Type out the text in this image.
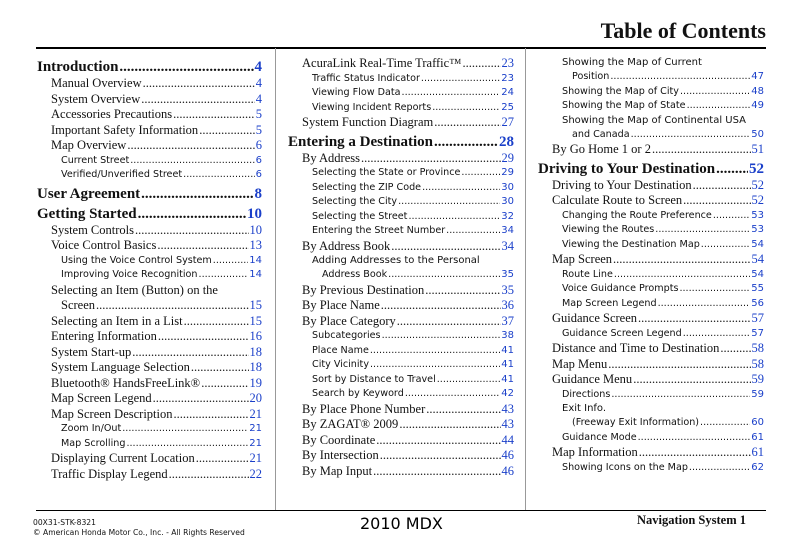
Table of Contents
Introduction .....	4
Manual Overview .....	4
System Overview .....	4
Accessories Precautions .....	5
Important Safety Information .....	5
Map Overview .....	6
Current Street .....	6
Verified/Unverified Street .....	6
User Agreement .....	8
Getting Started .....	10
System Controls .....	10
Voice Control Basics .....	13
Using the Voice Control System .....	14
Improving Voice Recognition .....	14
Selecting an Item (Button) on the
Screen .....	15
Selecting an Item in a List .....	15
Entering Information .....	16
System Start-up .....	18
System Language Selection .....	18
Bluetooth® HandsFreeLink® .....	19
Map Screen Legend .....	20
Map Screen Description .....	21
Zoom In/Out .....	21
Map Scrolling .....	21
Displaying Current Location .....	21
Traffic Display Legend .....	22
AcuraLink Real-Time Traffic™ .....	23
Traffic Status Indicator .....	23
Viewing Flow Data .....	24
Viewing Incident Reports .....	25
System Function Diagram .....	27
Entering a Destination .....	28
By Address .....	29
Selecting the State or Province .....	29
Selecting the ZIP Code .....	30
Selecting the City .....	30
Selecting the Street .....	32
Entering the Street Number .....	34
By Address Book .....	34
Adding Addresses to the Personal
Address Book .....	35
By Previous Destination .....	35
By Place Name .....	36
By Place Category .....	37
Subcategories .....	38
Place Name .....	41
City Vicinity .....	41
Sort by Distance to Travel .....	41
Search by Keyword .....	42
By Place Phone Number .....	43
By ZAGAT® 2009 .....	43
By Coordinate .....	44
By Intersection .....	46
By Map Input .....	46
Showing the Map of Current
Position .....	47
Showing the Map of City .....	48
Showing the Map of State .....	49
Showing the Map of Continental USA
and Canada .....	50
By Go Home 1 or 2 .....	51
Driving to Your Destination ..... 52
Driving to Your Destination .....	52
Calculate Route to Screen .....	52
Changing the Route Preference .....	53
Viewing the Routes .....	53
Viewing the Destination Map .....	54
Map Screen .....	54
Route Line .....	54
Voice Guidance Prompts .....	55
Map Screen Legend .....	56
Guidance Screen .....	57
Guidance Screen Legend .....	57
Distance and Time to Destination .....	58
Map Menu .....	58
Guidance Menu .....	59
Directions .....	59
Exit Info.
(Freeway Exit Information) .....	60
Guidance Mode .....	61
Map Information .....	61
Showing Icons on the Map .....	62
00X31-STK-8321
© American Honda Motor Co., Inc. - All Rights Reserved	2010 MDX	Navigation System 1
